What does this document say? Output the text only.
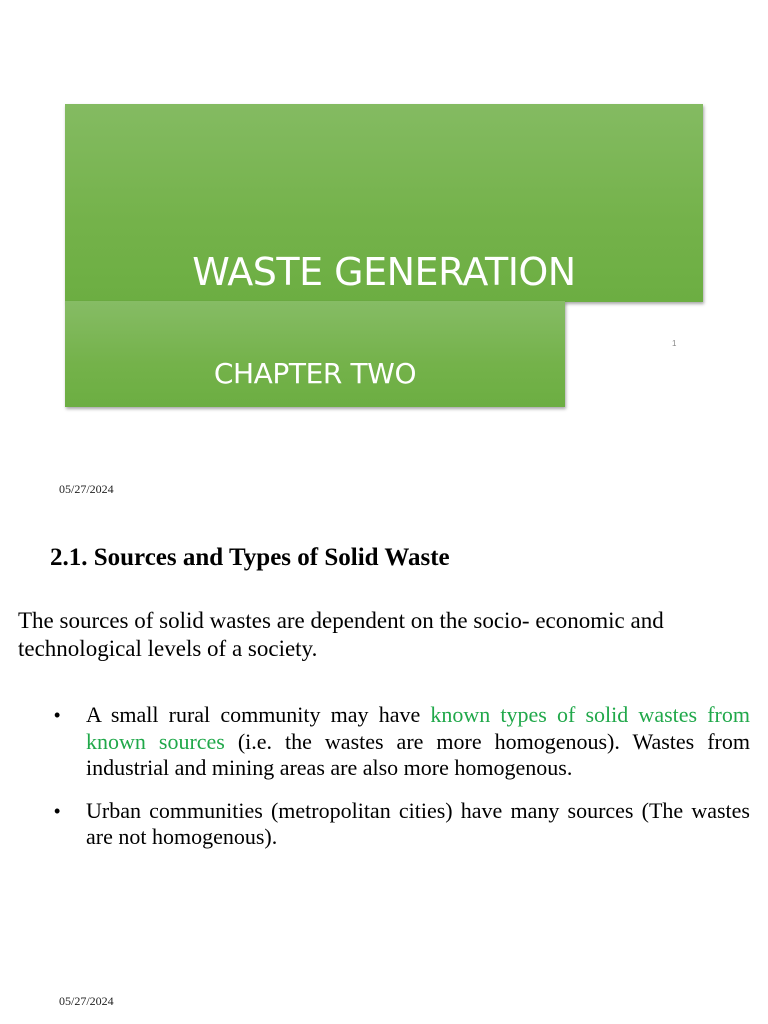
WASTE GENERATION
CHAPTER TWO
1
05/27/2024
2.1. Sources and Types of Solid Waste

The sources of solid wastes are dependent on the socio- economic and technological levels of a society.

• A small rural community may have known types of solid wastes from known sources (i.e. the wastes are more homogenous). Wastes from industrial and mining areas are also more homogenous.
• Urban communities (metropolitan cities) have many sources (The wastes are not homogenous).
05/27/2024
